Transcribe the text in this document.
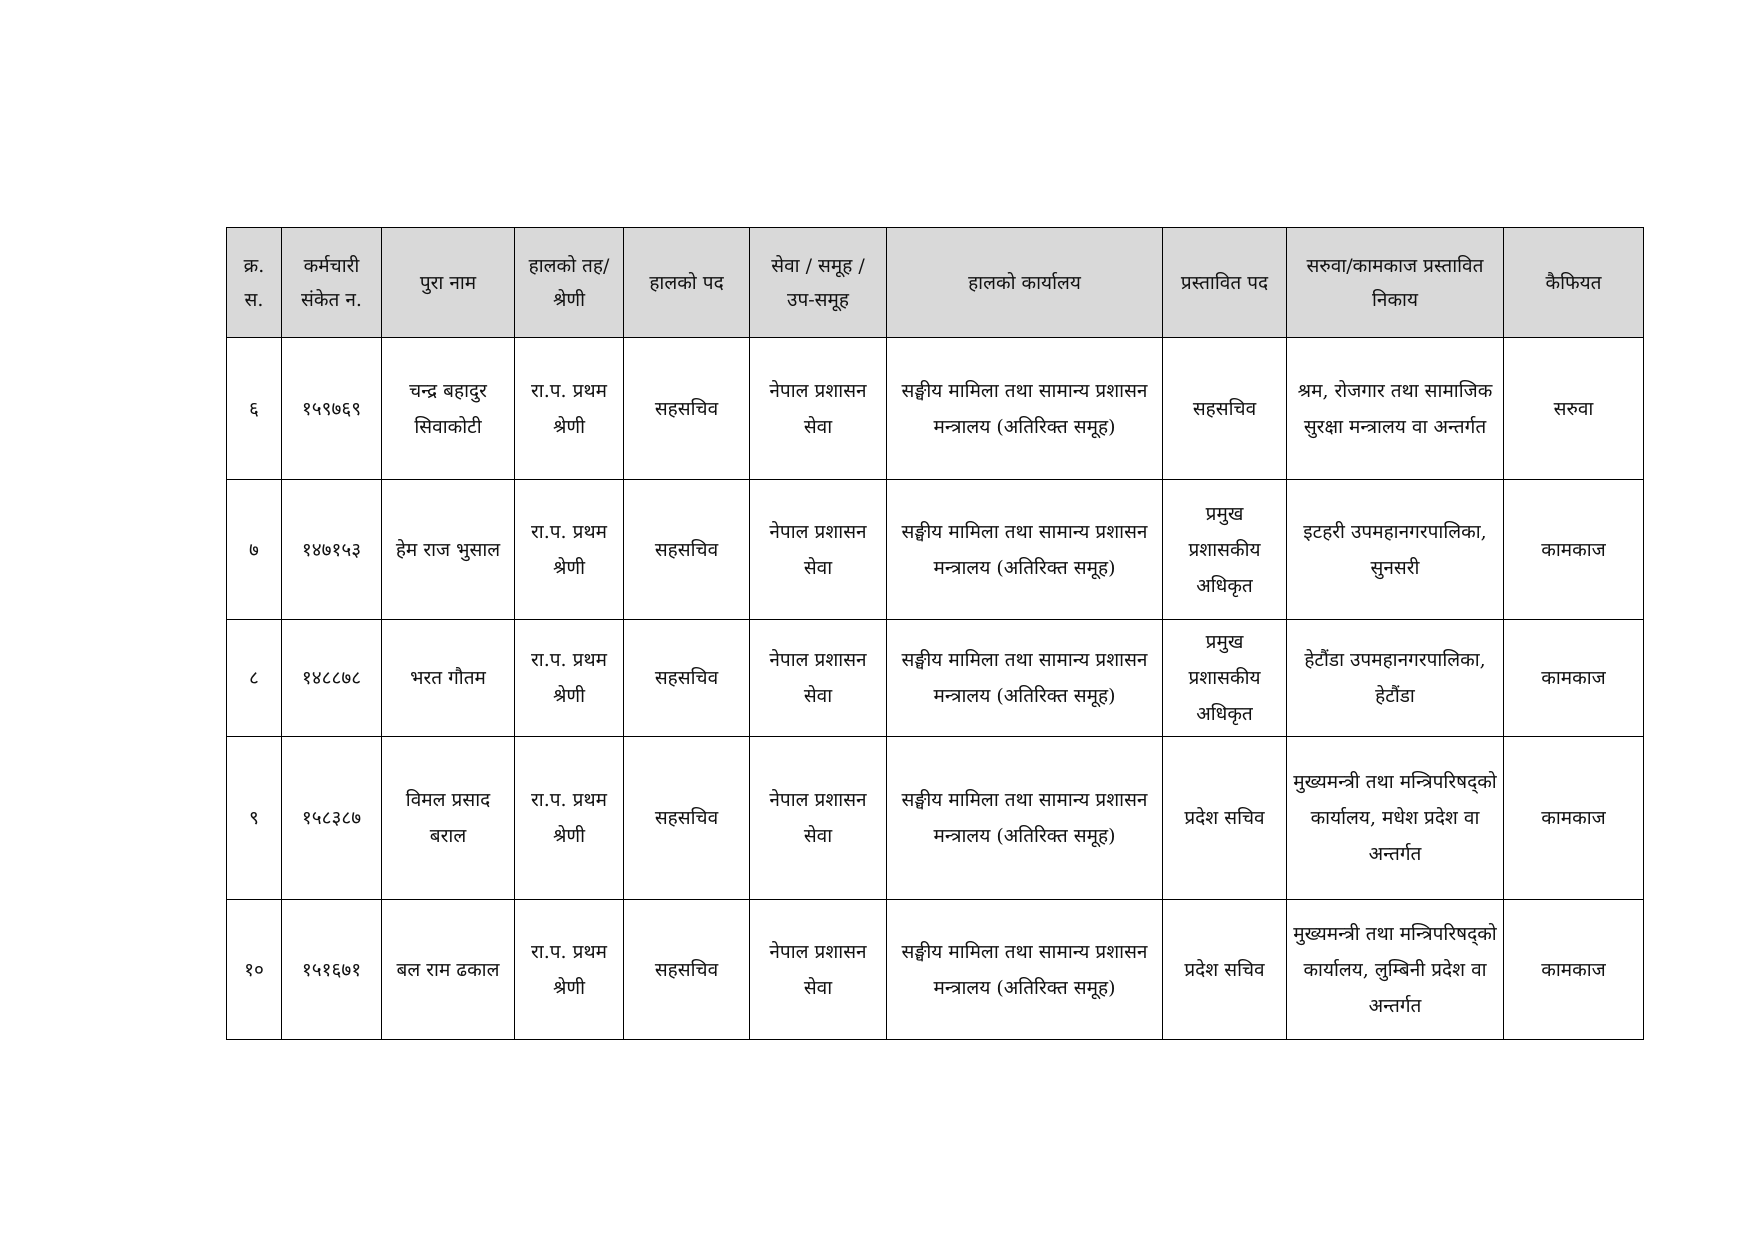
क्र. स.	कर्मचारी संकेत न.	पुरा नाम	हालको तह/श्रेणी	हालको पद	सेवा / समूह / उप-समूह	हालको कार्यालय	प्रस्तावित पद	सरुवा/कामकाज प्रस्तावित निकाय	कैफियत

६	१५९७६९	चन्द्र बहादुर सिवाकोटी	रा.प. प्रथम श्रेणी	सहसचिव	नेपाल प्रशासन सेवा	सङ्घीय मामिला तथा सामान्य प्रशासन मन्त्रालय (अतिरिक्त समूह)	सहसचिव	श्रम, रोजगार तथा सामाजिक सुरक्षा मन्त्रालय वा अन्तर्गत	सरुवा

७	१४७१५३	हेम राज भुसाल	रा.प. प्रथम श्रेणी	सहसचिव	नेपाल प्रशासन सेवा	सङ्घीय मामिला तथा सामान्य प्रशासन मन्त्रालय (अतिरिक्त समूह)	प्रमुख प्रशासकीय अधिकृत	इटहरी उपमहानगरपालिका, सुनसरी	कामकाज

८	१४८८७८	भरत गौतम	रा.प. प्रथम श्रेणी	सहसचिव	नेपाल प्रशासन सेवा	सङ्घीय मामिला तथा सामान्य प्रशासन मन्त्रालय (अतिरिक्त समूह)	प्रमुख प्रशासकीय अधिकृत	हेटौंडा उपमहानगरपालिका, हेटौंडा	कामकाज

९	१५८३८७	विमल प्रसाद बराल	रा.प. प्रथम श्रेणी	सहसचिव	नेपाल प्रशासन सेवा	सङ्घीय मामिला तथा सामान्य प्रशासन मन्त्रालय (अतिरिक्त समूह)	प्रदेश सचिव	मुख्यमन्त्री तथा मन्त्रिपरिषद्को कार्यालय, मधेश प्रदेश वा अन्तर्गत	कामकाज

१०	१५१६७१	बल राम ढकाल	रा.प. प्रथम श्रेणी	सहसचिव	नेपाल प्रशासन सेवा	सङ्घीय मामिला तथा सामान्य प्रशासन मन्त्रालय (अतिरिक्त समूह)	प्रदेश सचिव	मुख्यमन्त्री तथा मन्त्रिपरिषद्को कार्यालय, लुम्बिनी प्रदेश वा अन्तर्गत	कामकाज
